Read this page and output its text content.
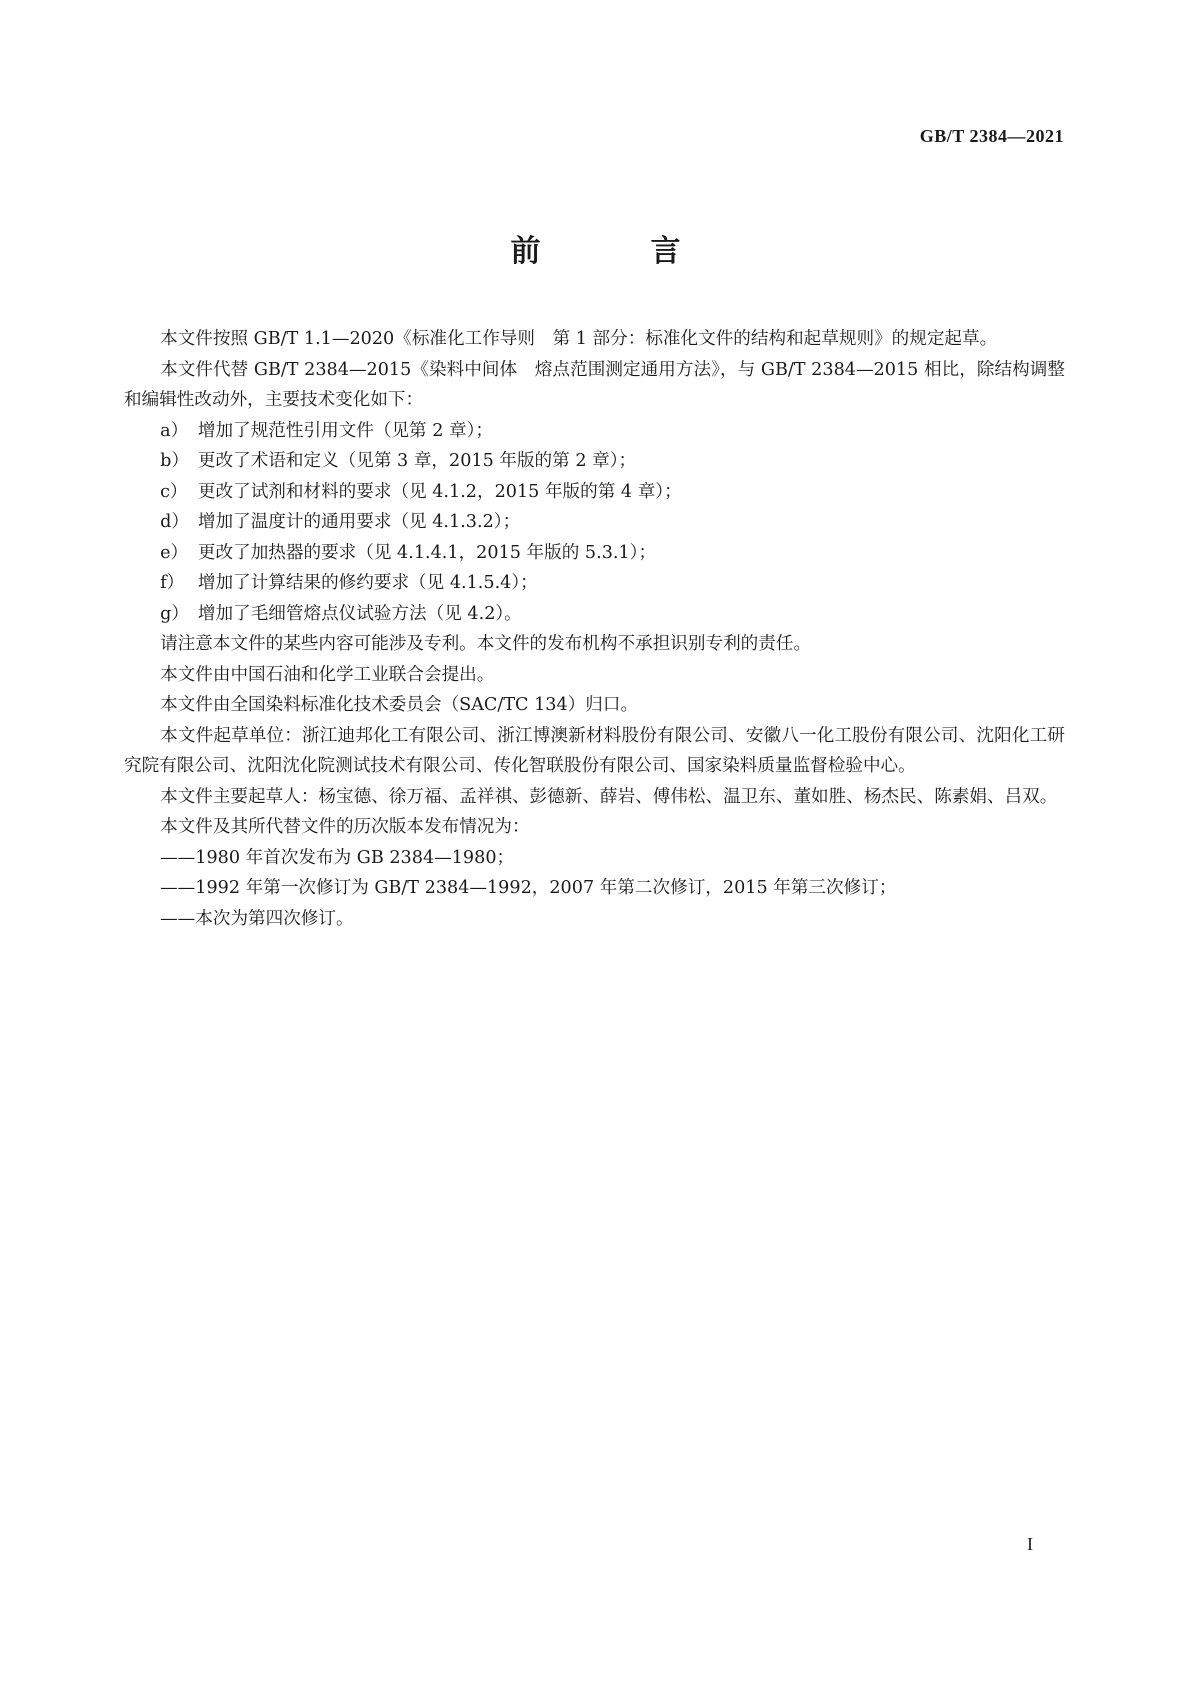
GB/T 2384—2021
前　言

本文件按照 GB/T 1.1—2020《标准化工作导则　第 1 部分：标准化文件的结构和起草规则》的规定起草。

本文件代替 GB/T 2384—2015《染料中间体　熔点范围测定通用方法》，与 GB/T 2384—2015 相比，除结构调整和编辑性改动外，主要技术变化如下：

a） 增加了规范性引用文件（见第 2 章）；

b） 更改了术语和定义（见第 3 章，2015 年版的第 2 章）；

c） 更改了试剂和材料的要求（见 4.1.2，2015 年版的第 4 章）；

d） 增加了温度计的通用要求（见 4.1.3.2）；

e） 更改了加热器的要求（见 4.1.4.1，2015 年版的 5.3.1）；

f） 增加了计算结果的修约要求（见 4.1.5.4）；

g） 增加了毛细管熔点仪试验方法（见 4.2）。

请注意本文件的某些内容可能涉及专利。本文件的发布机构不承担识别专利的责任。

本文件由中国石油和化学工业联合会提出。

本文件由全国染料标准化技术委员会（SAC/TC 134）归口。

本文件起草单位：浙江迪邦化工有限公司、浙江博澳新材料股份有限公司、安徽八一化工股份有限公司、沈阳化工研究院有限公司、沈阳沈化院测试技术有限公司、传化智联股份有限公司、国家染料质量监督检验中心。

本文件主要起草人：杨宝德、徐万福、孟祥祺、彭德新、薛岩、傅伟松、温卫东、董如胜、杨杰民、陈素娟、吕双。

本文件及其所代替文件的历次版本发布情况为：

——1980 年首次发布为 GB 2384—1980；

——1992 年第一次修订为 GB/T 2384—1992，2007 年第二次修订，2015 年第三次修订；

——本次为第四次修订。

I
